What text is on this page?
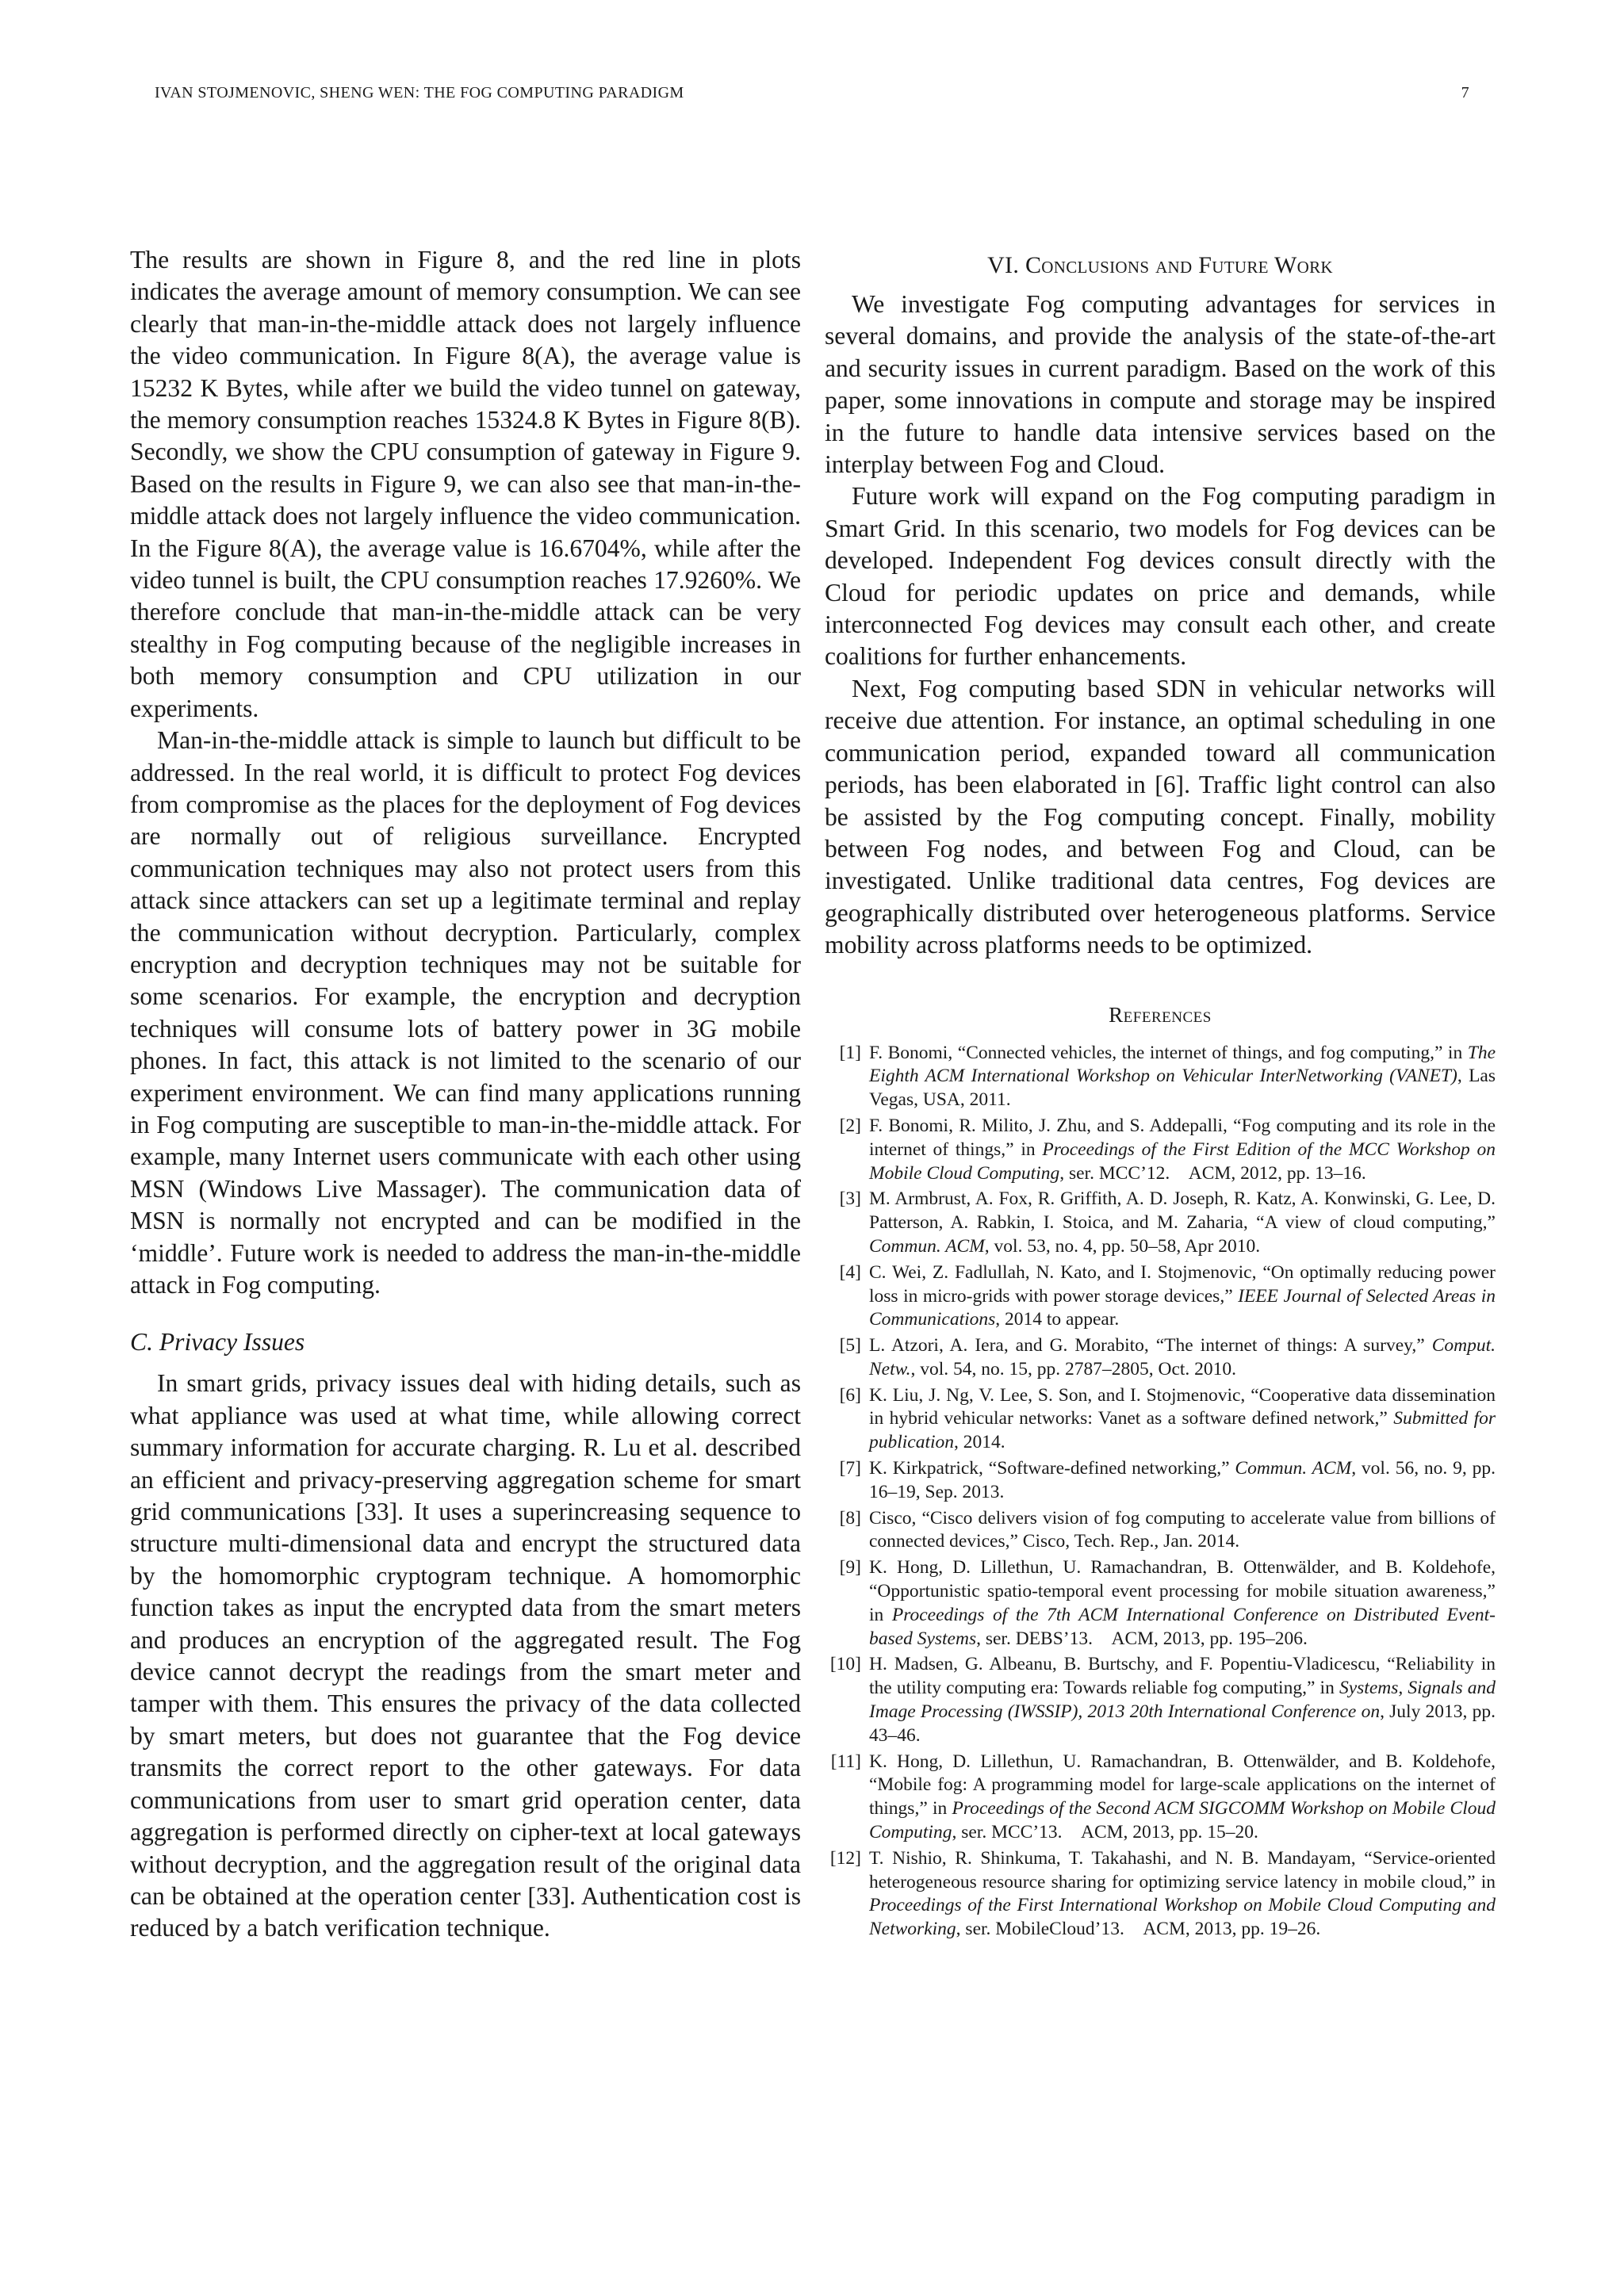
IVAN STOJMENOVIC, SHENG WEN: THE FOG COMPUTING PARADIGM	7

The results are shown in Figure 8, and the red line in plots indicates the average amount of memory consumption. We can see clearly that man-in-the-middle attack does not largely influence the video communication. In Figure 8(A), the average value is 15232 K Bytes, while after we build the video tunnel on gateway, the memory consumption reaches 15324.8 K Bytes in Figure 8(B). Secondly, we show the CPU consumption of gateway in Figure 9. Based on the results in Figure 9, we can also see that man-in-the-middle attack does not largely influence the video communication. In the Figure 8(A), the average value is 16.6704%, while after the video tunnel is built, the CPU consumption reaches 17.9260%. We therefore conclude that man-in-the-middle attack can be very stealthy in Fog computing because of the negligible increases in both memory consumption and CPU utilization in our experiments.

Man-in-the-middle attack is simple to launch but difficult to be addressed. In the real world, it is difficult to protect Fog devices from compromise as the places for the deployment of Fog devices are normally out of religious surveillance. Encrypted communication techniques may also not protect users from this attack since attackers can set up a legitimate terminal and replay the communication without decryption. Particularly, complex encryption and decryption techniques may not be suitable for some scenarios. For example, the encryption and decryption techniques will consume lots of battery power in 3G mobile phones. In fact, this attack is not limited to the scenario of our experiment environment. We can find many applications running in Fog computing are susceptible to man-in-the-middle attack. For example, many Internet users communicate with each other using MSN (Windows Live Massager). The communication data of MSN is normally not encrypted and can be modified in the ‘middle’. Future work is needed to address the man-in-the-middle attack in Fog computing.

C. Privacy Issues

In smart grids, privacy issues deal with hiding details, such as what appliance was used at what time, while allowing correct summary information for accurate charging. R. Lu et al. described an efficient and privacy-preserving aggregation scheme for smart grid communications [33]. It uses a superincreasing sequence to structure multi-dimensional data and encrypt the structured data by the homomorphic cryptogram technique. A homomorphic function takes as input the encrypted data from the smart meters and produces an encryption of the aggregated result. The Fog device cannot decrypt the readings from the smart meter and tamper with them. This ensures the privacy of the data collected by smart meters, but does not guarantee that the Fog device transmits the correct report to the other gateways. For data communications from user to smart grid operation center, data aggregation is performed directly on cipher-text at local gateways without decryption, and the aggregation result of the original data can be obtained at the operation center [33]. Authentication cost is reduced by a batch verification technique.

VI. Conclusions and Future Work

We investigate Fog computing advantages for services in several domains, and provide the analysis of the state-of-the-art and security issues in current paradigm. Based on the work of this paper, some innovations in compute and storage may be inspired in the future to handle data intensive services based on the interplay between Fog and Cloud.

Future work will expand on the Fog computing paradigm in Smart Grid. In this scenario, two models for Fog devices can be developed. Independent Fog devices consult directly with the Cloud for periodic updates on price and demands, while interconnected Fog devices may consult each other, and create coalitions for further enhancements.

Next, Fog computing based SDN in vehicular networks will receive due attention. For instance, an optimal scheduling in one communication period, expanded toward all communication periods, has been elaborated in [6]. Traffic light control can also be assisted by the Fog computing concept. Finally, mobility between Fog nodes, and between Fog and Cloud, can be investigated. Unlike traditional data centres, Fog devices are geographically distributed over heterogeneous platforms. Service mobility across platforms needs to be optimized.

References
[1] F. Bonomi, “Connected vehicles, the internet of things, and fog computing,” in The Eighth ACM International Workshop on Vehicular InterNetworking (VANET), Las Vegas, USA, 2011.
[2] F. Bonomi, R. Milito, J. Zhu, and S. Addepalli, “Fog computing and its role in the internet of things,” in Proceedings of the First Edition of the MCC Workshop on Mobile Cloud Computing, ser. MCC’12. ACM, 2012, pp. 13–16.
[3] M. Armbrust, A. Fox, R. Griffith, A. D. Joseph, R. Katz, A. Konwinski, G. Lee, D. Patterson, A. Rabkin, I. Stoica, and M. Zaharia, “A view of cloud computing,” Commun. ACM, vol. 53, no. 4, pp. 50–58, Apr 2010.
[4] C. Wei, Z. Fadlullah, N. Kato, and I. Stojmenovic, “On optimally reducing power loss in micro-grids with power storage devices,” IEEE Journal of Selected Areas in Communications, 2014 to appear.
[5] L. Atzori, A. Iera, and G. Morabito, “The internet of things: A survey,” Comput. Netw., vol. 54, no. 15, pp. 2787–2805, Oct. 2010.
[6] K. Liu, J. Ng, V. Lee, S. Son, and I. Stojmenovic, “Cooperative data dissemination in hybrid vehicular networks: Vanet as a software defined network,” Submitted for publication, 2014.
[7] K. Kirkpatrick, “Software-defined networking,” Commun. ACM, vol. 56, no. 9, pp. 16–19, Sep. 2013.
[8] Cisco, “Cisco delivers vision of fog computing to accelerate value from billions of connected devices,” Cisco, Tech. Rep., Jan. 2014.
[9] K. Hong, D. Lillethun, U. Ramachandran, B. Ottenwälder, and B. Koldehofe, “Opportunistic spatio-temporal event processing for mobile situation awareness,” in Proceedings of the 7th ACM International Conference on Distributed Event-based Systems, ser. DEBS’13. ACM, 2013, pp. 195–206.
[10] H. Madsen, G. Albeanu, B. Burtschy, and F. Popentiu-Vladicescu, “Reliability in the utility computing era: Towards reliable fog computing,” in Systems, Signals and Image Processing (IWSSIP), 2013 20th International Conference on, July 2013, pp. 43–46.
[11] K. Hong, D. Lillethun, U. Ramachandran, B. Ottenwälder, and B. Koldehofe, “Mobile fog: A programming model for large-scale applications on the internet of things,” in Proceedings of the Second ACM SIGCOMM Workshop on Mobile Cloud Computing, ser. MCC’13. ACM, 2013, pp. 15–20.
[12] T. Nishio, R. Shinkuma, T. Takahashi, and N. B. Mandayam, “Service-oriented heterogeneous resource sharing for optimizing service latency in mobile cloud,” in Proceedings of the First International Workshop on Mobile Cloud Computing and Networking, ser. MobileCloud’13. ACM, 2013, pp. 19–26.
